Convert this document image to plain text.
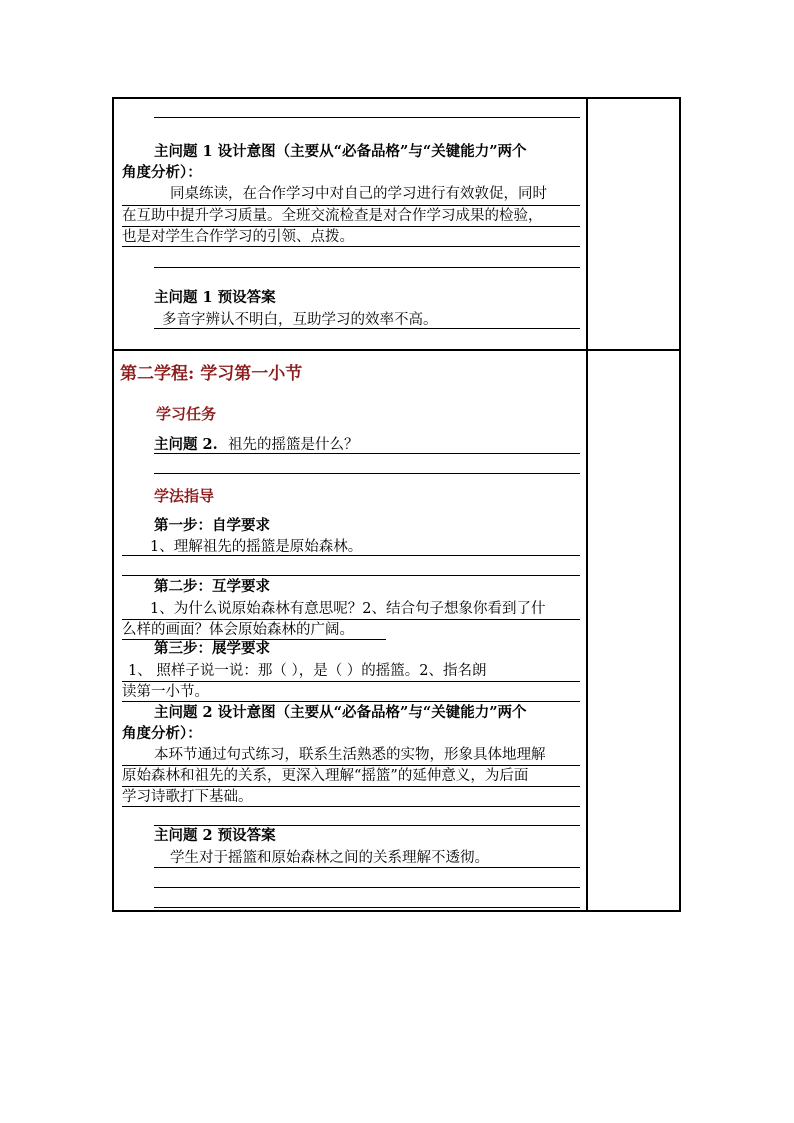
主问题 1 设计意图（主要从“必备品格”与“关键能力”两个
角度分析）：
同桌练读，在合作学习中对自己的学习进行有效敦促，同时
在互助中提升学习质量。全班交流检查是对合作学习成果的检验，
也是对学生合作学习的引领、点拨。
主问题 1 预设答案
多音字辨认不明白，互助学习的效率不高。
第二学程: 学习第一小节
学习任务
主问题 2. 祖先的摇篮是什么？
学法指导
第一步：自学要求
1、理解祖先的摇篮是原始森林。
第二步：互学要求
1、为什么说原始森林有意思呢？2、结合句子想象你看到了什
么样的画面？体会原始森林的广阔。
第三步：展学要求
1、 照样子说一说：那（ ），是（ ）的摇篮。2、指名朗
读第一小节。
主问题 2 设计意图（主要从“必备品格”与“关键能力”两个
角度分析）：
本环节通过句式练习，联系生活熟悉的实物，形象具体地理解
原始森林和祖先的关系，更深入理解“摇篮”的延伸意义，为后面
学习诗歌打下基础。
主问题 2 预设答案
学生对于摇篮和原始森林之间的关系理解不透彻。
